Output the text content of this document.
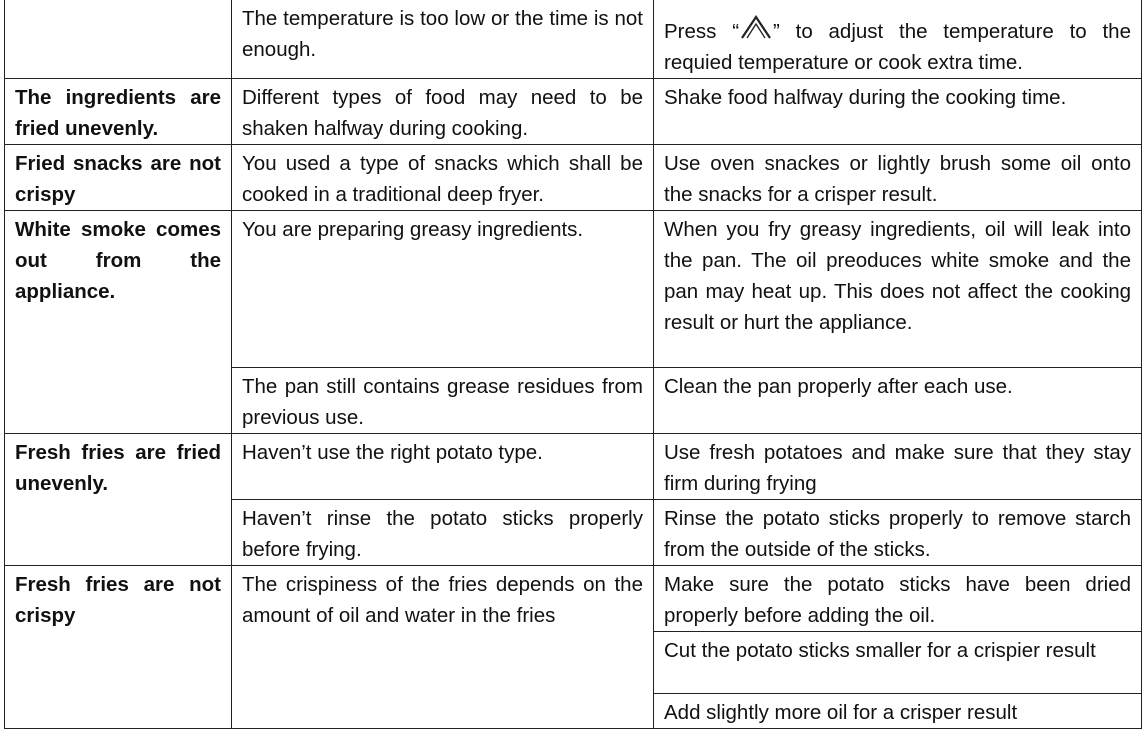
	The temperature is too low or the time is not enough.	Press “ ” to adjust the temperature to the requied temperature or cook extra time.
The ingredients are fried unevenly.	Different types of food may need to be shaken halfway during cooking.	Shake food halfway during the cooking time.
Fried snacks are not crispy	You used a type of snacks which shall be cooked in a traditional deep fryer.	Use oven snackes or lightly brush some oil onto the snacks for a crisper result.
White smoke comes out from the appliance.	You are preparing greasy ingredients.	When you fry greasy ingredients, oil will leak into the pan. The oil preoduces white smoke and the pan may heat up. This does not affect the cooking result or hurt the appliance.
	The pan still contains grease residues from previous use.	Clean the pan properly after each use.
Fresh fries are fried unevenly.	Haven’t use the right potato type.	Use fresh potatoes and make sure that they stay firm during frying
	Haven’t rinse the potato sticks properly before frying.	Rinse the potato sticks properly to remove starch from the outside of the sticks.
Fresh fries are not crispy	The crispiness of the fries depends on the amount of oil and water in the fries	Make sure the potato sticks have been dried properly before adding the oil.
		Cut the potato sticks smaller for a crispier result
		Add slightly more oil for a crisper result
